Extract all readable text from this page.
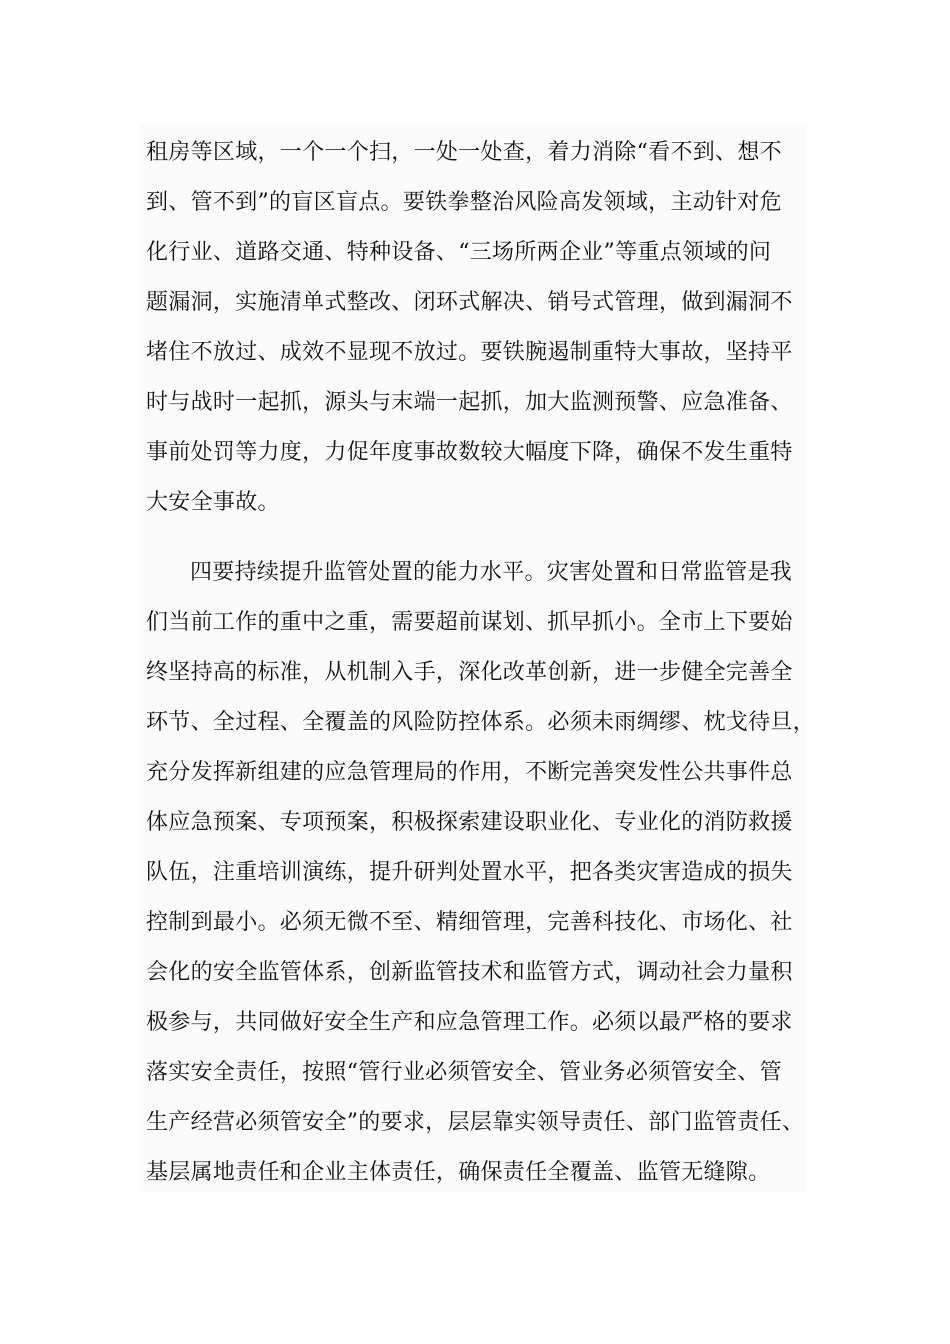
租房等区域，一个一个扫，一处一处查，着力消除“看不到、想不
到、管不到”的盲区盲点。要铁拳整治风险高发领域，主动针对危
化行业、道路交通、特种设备、“三场所两企业”等重点领域的问
题漏洞，实施清单式整改、闭环式解决、销号式管理，做到漏洞不
堵住不放过、成效不显现不放过。要铁腕遏制重特大事故，坚持平
时与战时一起抓，源头与末端一起抓，加大监测预警、应急准备、
事前处罚等力度，力促年度事故数较大幅度下降，确保不发生重特
大安全事故。
四要持续提升监管处置的能力水平。灾害处置和日常监管是我
们当前工作的重中之重，需要超前谋划、抓早抓小。全市上下要始
终坚持高的标准，从机制入手，深化改革创新，进一步健全完善全
环节、全过程、全覆盖的风险防控体系。必须未雨绸缪、枕戈待旦，
充分发挥新组建的应急管理局的作用，不断完善突发性公共事件总
体应急预案、专项预案，积极探索建设职业化、专业化的消防救援
队伍，注重培训演练，提升研判处置水平，把各类灾害造成的损失
控制到最小。必须无微不至、精细管理，完善科技化、市场化、社
会化的安全监管体系，创新监管技术和监管方式，调动社会力量积
极参与，共同做好安全生产和应急管理工作。必须以最严格的要求
落实安全责任，按照“管行业必须管安全、管业务必须管安全、管
生产经营必须管安全”的要求，层层靠实领导责任、部门监管责任、
基层属地责任和企业主体责任，确保责任全覆盖、监管无缝隙。
